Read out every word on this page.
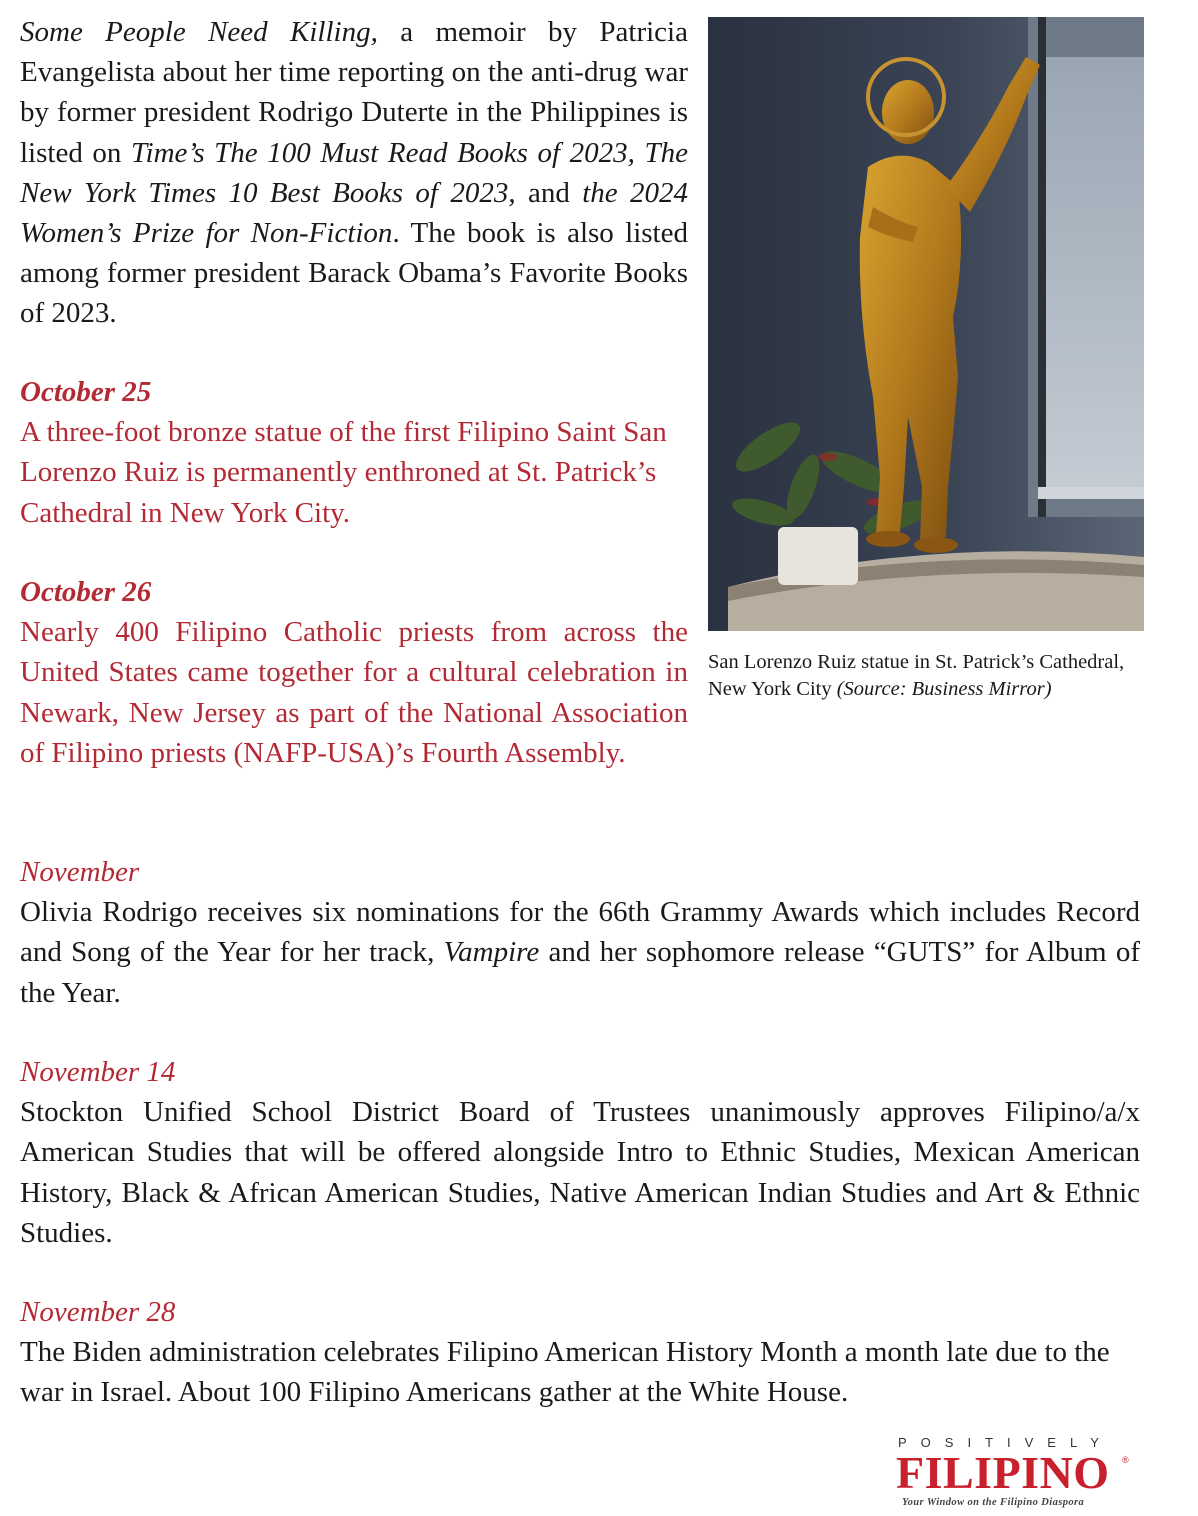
Some People Need Killing, a memoir by Patricia Evangelista about her time reporting on the anti-drug war by former president Rodrigo Duterte in the Philippines is listed on Time’s The 100 Must Read Books of 2023, The New York Times 10 Best Books of 2023, and the 2024 Women’s Prize for Non-Fiction. The book is also listed among former president Barack Obama’s Favorite Books of 2023.

October 25

A three-foot bronze statue of the first Filipino Saint San Lorenzo Ruiz is permanently enthroned at St. Patrick’s Cathedral in New York City.

October 26

Nearly 400 Filipino Catholic priests from across the United States came together for a cultural celebration in Newark, New Jersey as part of the National Association of Filipino priests (NAFP-USA)’s Fourth Assembly.

San Lorenzo Ruiz statue in St. Patrick’s Cathedral, New York City (Source: Business Mirror)
November

Olivia Rodrigo receives six nominations for the 66th Grammy Awards which includes Record and Song of the Year for her track, Vampire and her sophomore release “GUTS” for Album of the Year.

November 14

Stockton Unified School District Board of Trustees unanimously approves Filipino/a/x American Studies that will be offered alongside Intro to Ethnic Studies, Mexican American History, Black & African American Studies, Native American Indian Studies and Art & Ethnic Studies.

November 28

The Biden administration celebrates Filipino American History Month a month late due to the war in Israel. About 100 Filipino Americans gather at the White House.

POSITIVELY
FILIPINO ®
Your Window on the Filipino Diaspora
